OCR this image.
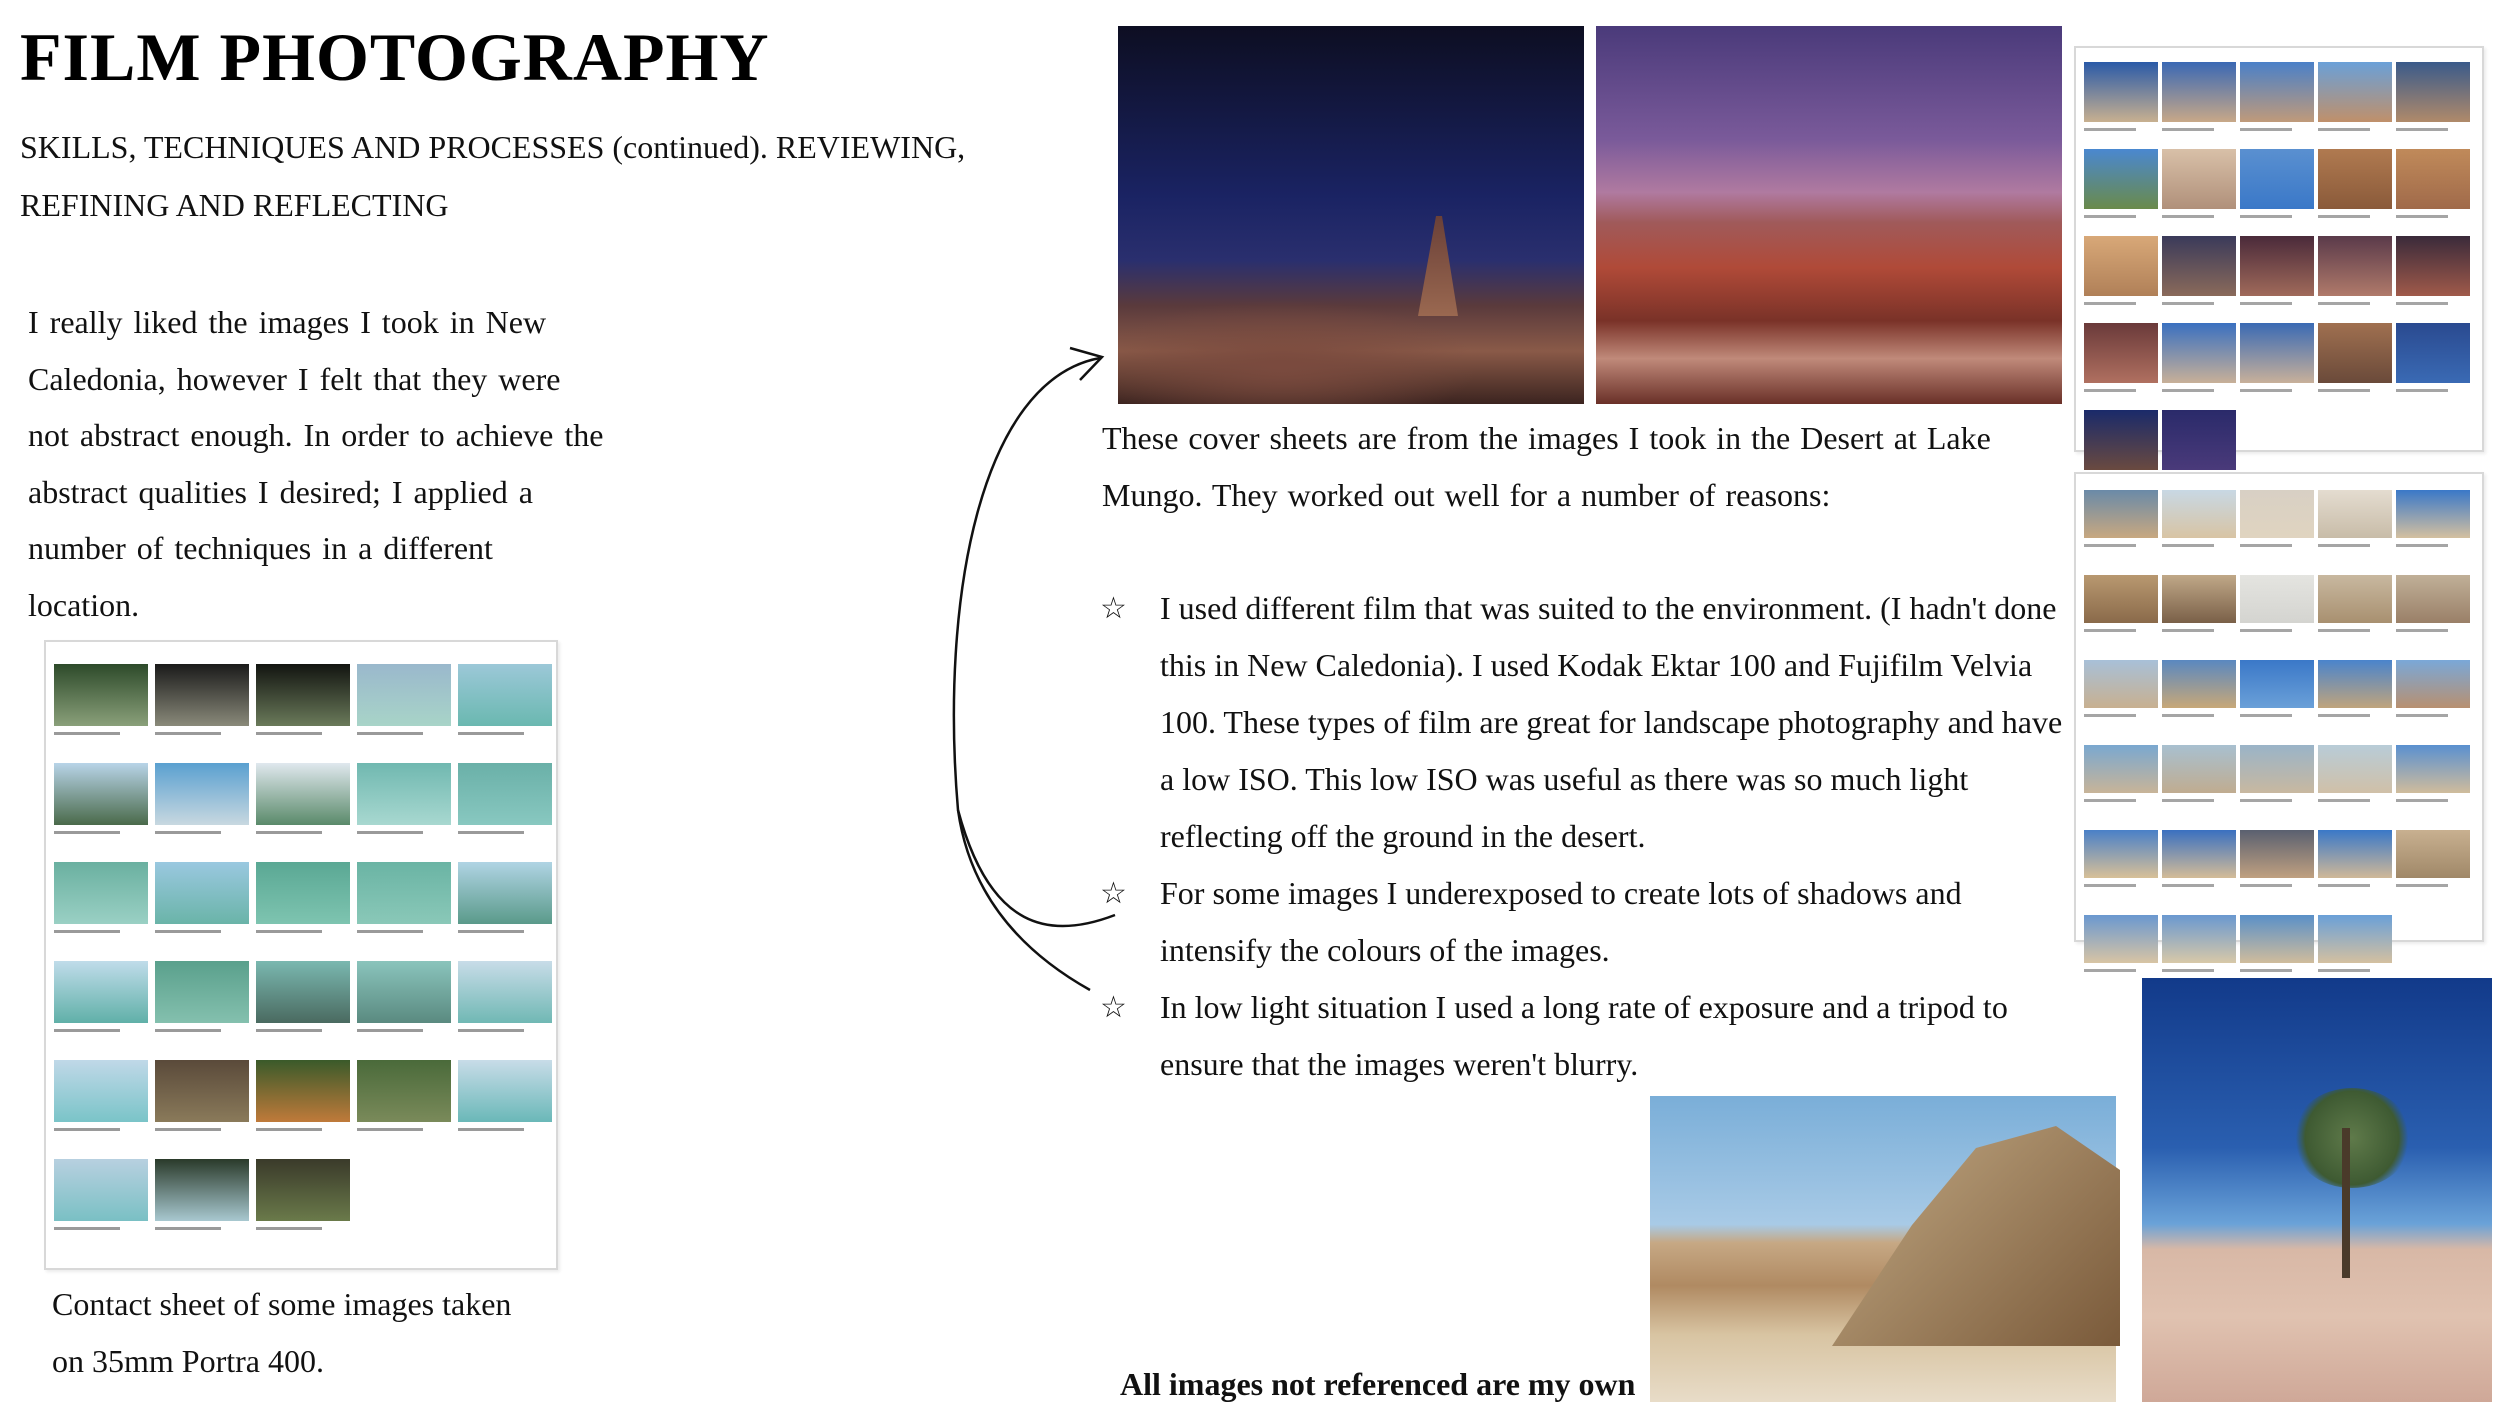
FILM PHOTOGRAPHY
SKILLS, TECHNIQUES AND PROCESSES (continued). REVIEWING, REFINING AND REFLECTING
I really liked the images I took in New Caledonia, however I felt that they were not abstract enough. In order to achieve the abstract qualities I desired; I applied a number of techniques in a different location.
Contact sheet of some images taken on 35mm Portra 400.
These cover sheets are from the images I took in the Desert at Lake Mungo. They worked out well for a number of reasons:
☆ I used different film that was suited to the environment. (I hadn't done this in New Caledonia). I used Kodak Ektar 100 and Fujifilm Velvia 100. These types of film are great for landscape photography and have a low ISO. This low ISO was useful as there was so much light reflecting off the ground in the desert.
☆ For some images I underexposed to create lots of shadows and intensify the colours of the images.
☆ In low light situation I used a long rate of exposure and a tripod to ensure that the images weren't blurry.
All images not referenced are my own
